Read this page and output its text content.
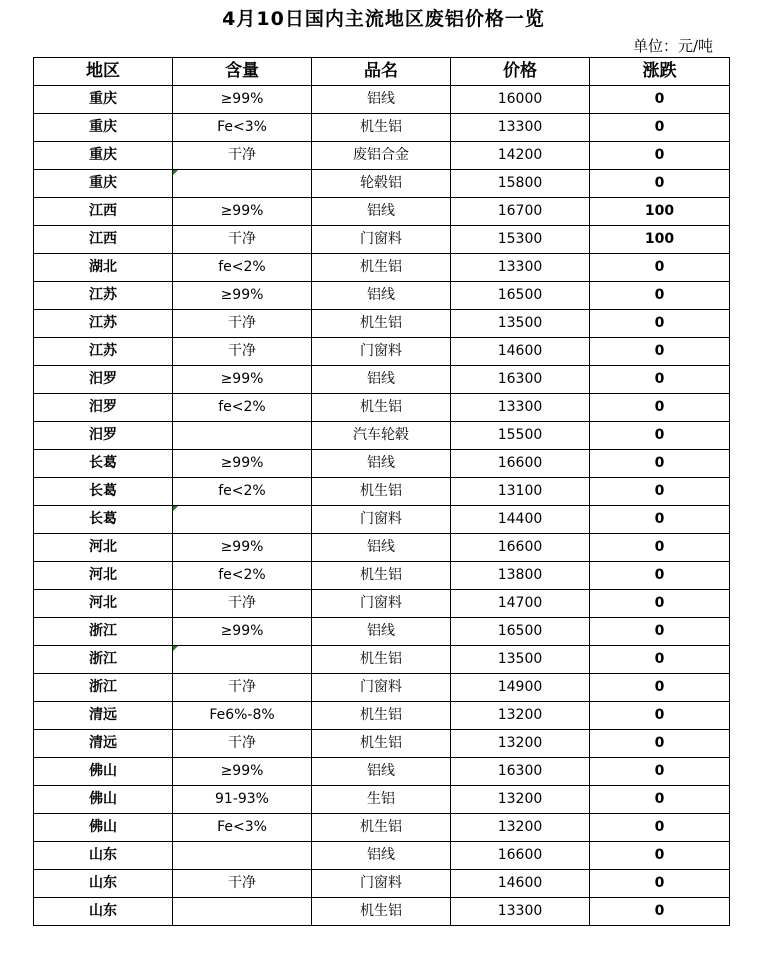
4月10日国内主流地区废铝价格一览
单位：元/吨
地区	含量	品名	价格	涨跌
重庆	≥99%	铝线	16000	0
重庆	Fe<3%	机生铝	13300	0
重庆	干净	废铝合金	14200	0
重庆		轮毂铝	15800	0
江西	≥99%	铝线	16700	100
江西	干净	门窗料	15300	100
湖北	fe<2%	机生铝	13300	0
江苏	≥99%	铝线	16500	0
江苏	干净	机生铝	13500	0
江苏	干净	门窗料	14600	0
汨罗	≥99%	铝线	16300	0
汨罗	fe<2%	机生铝	13300	0
汨罗		汽车轮毂	15500	0
长葛	≥99%	铝线	16600	0
长葛	fe<2%	机生铝	13100	0
长葛		门窗料	14400	0
河北	≥99%	铝线	16600	0
河北	fe<2%	机生铝	13800	0
河北	干净	门窗料	14700	0
浙江	≥99%	铝线	16500	0
浙江		机生铝	13500	0
浙江	干净	门窗料	14900	0
清远	Fe6%-8%	机生铝	13200	0
清远	干净	机生铝	13200	0
佛山	≥99%	铝线	16300	0
佛山	91-93%	生铝	13200	0
佛山	Fe<3%	机生铝	13200	0
山东		铝线	16600	0
山东	干净	门窗料	14600	0
山东		机生铝	13300	0
